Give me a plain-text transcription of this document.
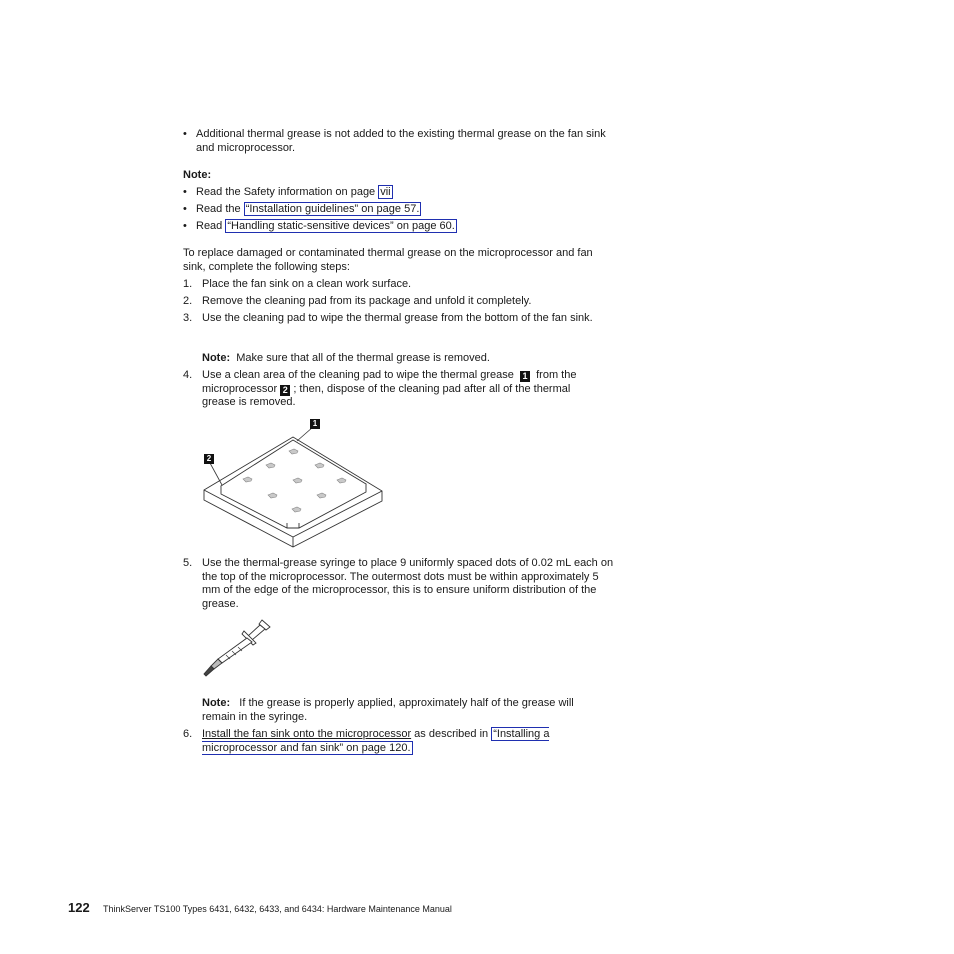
• Additional thermal grease is not added to the existing thermal grease on the fan sink and microprocessor.
Note:
• Read the Safety information on page vii
• Read the “Installation guidelines” on page 57.
• Read “Handling static-sensitive devices” on page 60.
To replace damaged or contaminated thermal grease on the microprocessor and fan sink, complete the following steps:
1. Place the fan sink on a clean work surface.
2. Remove the cleaning pad from its package and unfold it completely.
3. Use the cleaning pad to wipe the thermal grease from the bottom of the fan sink.
Note: Make sure that all of the thermal grease is removed.
4. Use a clean area of the cleaning pad to wipe the thermal grease 1 from the microprocessor 2 ; then, dispose of the cleaning pad after all of the thermal grease is removed.
1
2
5. Use the thermal-grease syringe to place 9 uniformly spaced dots of 0.02 mL each on the top of the microprocessor. The outermost dots must be within approximately 5 mm of the edge of the microprocessor, this is to ensure uniform distribution of the grease.
Note: If the grease is properly applied, approximately half of the grease will remain in the syringe.
6. Install the fan sink onto the microprocessor as described in “Installing a microprocessor and fan sink” on page 120.
122 ThinkServer TS100 Types 6431, 6432, 6433, and 6434: Hardware Maintenance Manual
